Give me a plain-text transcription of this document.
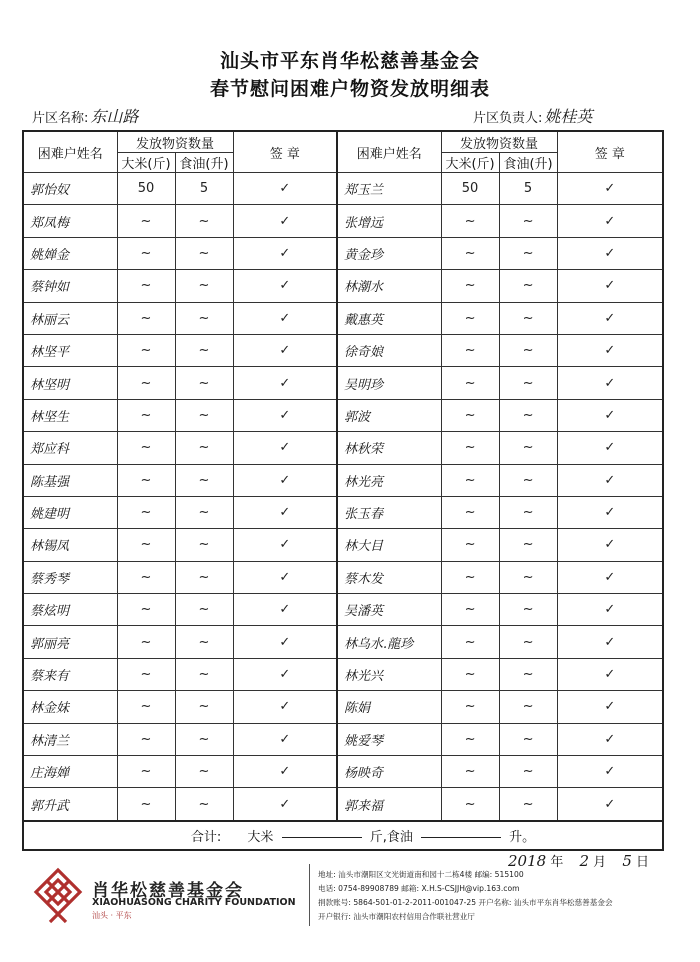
汕头市平东肖华松慈善基金会
春节慰问困难户物资发放明细表
片区名称: 东山路	片区负责人: 姚桂英
困难户姓名	发放物资数量		签 章	困难户姓名	发放物资数量		签 章
	大米(斤)	食油(升)			大米(斤)	食油(升)	
郭怡奴	50	5	✓	郑玉兰	50	5	✓
郑凤梅	~	~	✓	张增远	~	~	✓
姚婵金	~	~	✓	黄金珍	~	~	✓
蔡钟如	~	~	✓	林潮水	~	~	✓
林丽云	~	~	✓	戴惠英	~	~	✓
林坚平	~	~	✓	徐奇娘	~	~	✓
林坚明	~	~	✓	吴明珍	~	~	✓
林坚生	~	~	✓	郭波	~	~	✓
郑应科	~	~	✓	林秋荣	~	~	✓
陈基强	~	~	✓	林光亮	~	~	✓
姚建明	~	~	✓	张玉春	~	~	✓
林锡凤	~	~	✓	林大目	~	~	✓
蔡秀琴	~	~	✓	蔡木发	~	~	✓
蔡炫明	~	~	✓	吴潘英	~	~	✓
郭丽亮	~	~	✓	林乌水.龍珍	~	~	✓
蔡来有	~	~	✓	林光兴	~	~	✓
林金妹	~	~	✓	陈娟	~	~	✓
林清兰	~	~	✓	姚爱琴	~	~	✓
庄海婵	~	~	✓	杨映奇	~	~	✓
郭升武	~	~	✓	郭来福	~	~	✓
合计: 大米 斤,食油 升。							
2018 年 2 月 5 日
肖华松慈善基金会
XIAOHUASONG CHARITY FOUNDATION
汕头 · 平东
地址: 汕头市潮阳区文光街道南和园十二栋4楼 邮编: 515100
电话: 0754-89908789 邮箱: X.H.S-CSJJH@vip.163.com
捐款账号: 5864-501-01-2-2011-001047-25 开户名称: 汕头市平东肖华松慈善基金会
开户银行: 汕头市潮阳农村信用合作联社营业厅
